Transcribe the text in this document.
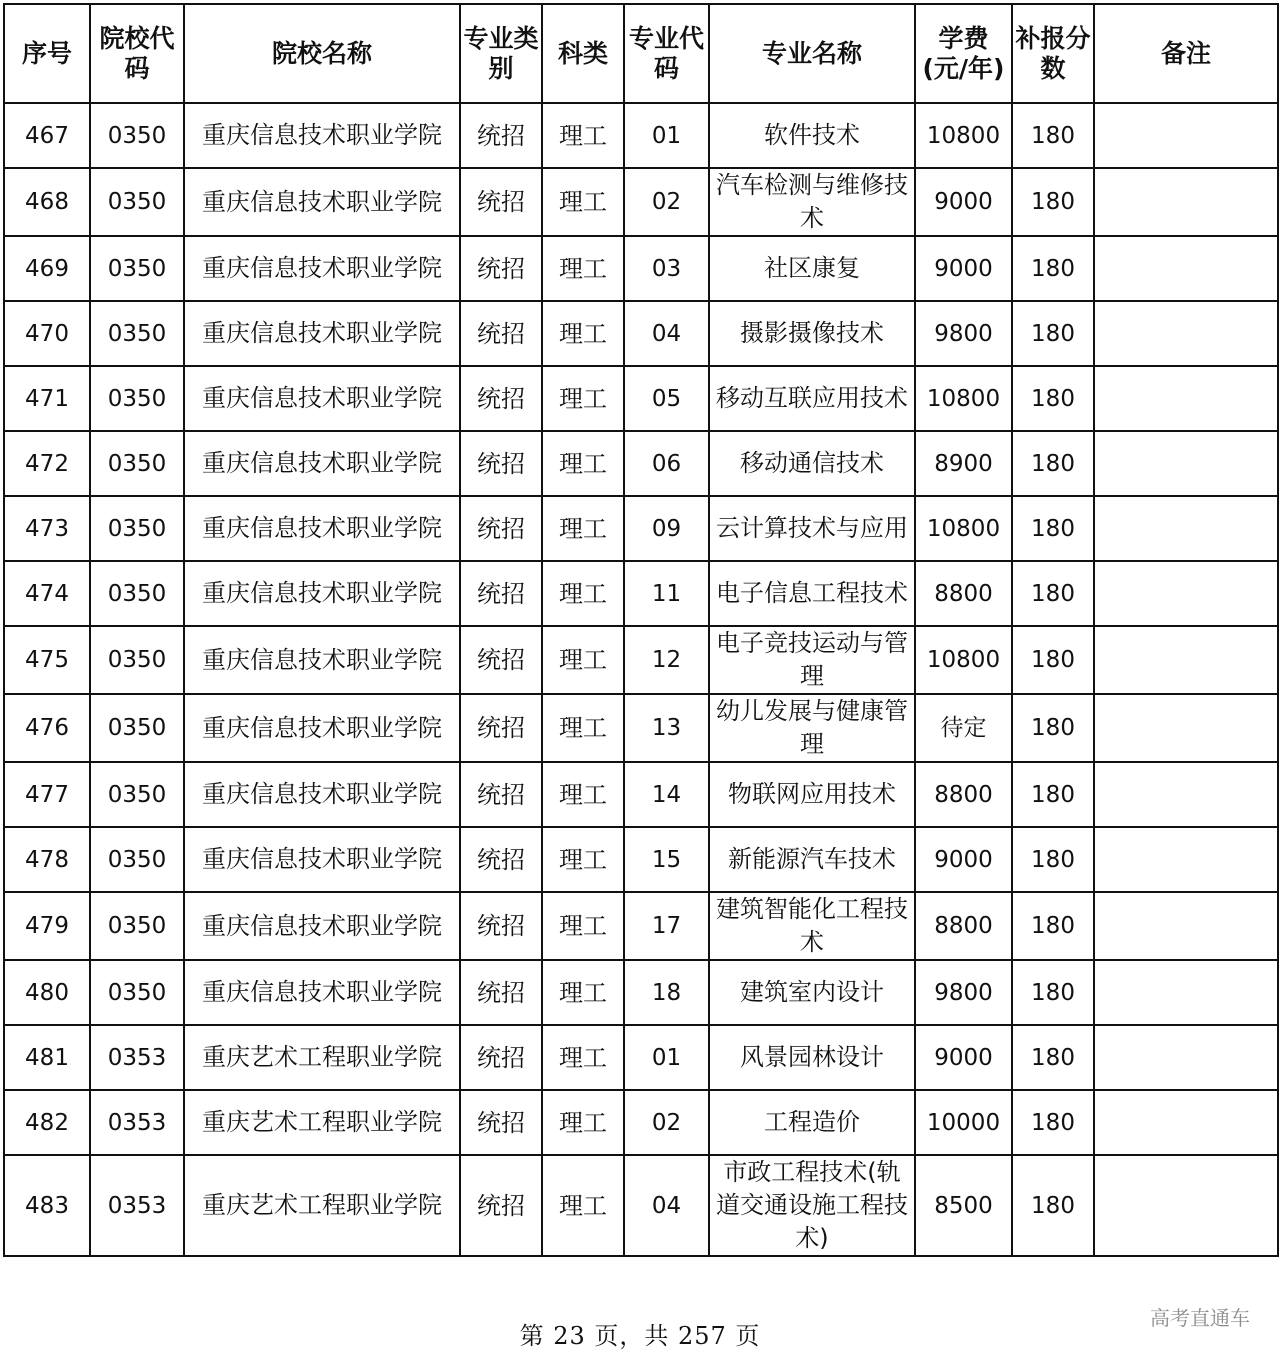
序号	院校代码	院校名称	专业类别	科类	专业代码	专业名称	学费(元/年)	补报分数	备注
467	0350	重庆信息技术职业学院	统招	理工	01	软件技术	10800	180	
468	0350	重庆信息技术职业学院	统招	理工	02	汽车检测与维修技术	9000	180	
469	0350	重庆信息技术职业学院	统招	理工	03	社区康复	9000	180	
470	0350	重庆信息技术职业学院	统招	理工	04	摄影摄像技术	9800	180	
471	0350	重庆信息技术职业学院	统招	理工	05	移动互联应用技术	10800	180	
472	0350	重庆信息技术职业学院	统招	理工	06	移动通信技术	8900	180	
473	0350	重庆信息技术职业学院	统招	理工	09	云计算技术与应用	10800	180	
474	0350	重庆信息技术职业学院	统招	理工	11	电子信息工程技术	8800	180	
475	0350	重庆信息技术职业学院	统招	理工	12	电子竞技运动与管理	10800	180	
476	0350	重庆信息技术职业学院	统招	理工	13	幼儿发展与健康管理	待定	180	
477	0350	重庆信息技术职业学院	统招	理工	14	物联网应用技术	8800	180	
478	0350	重庆信息技术职业学院	统招	理工	15	新能源汽车技术	9000	180	
479	0350	重庆信息技术职业学院	统招	理工	17	建筑智能化工程技术	8800	180	
480	0350	重庆信息技术职业学院	统招	理工	18	建筑室内设计	9800	180	
481	0353	重庆艺术工程职业学院	统招	理工	01	风景园林设计	9000	180	
482	0353	重庆艺术工程职业学院	统招	理工	02	工程造价	10000	180	
483	0353	重庆艺术工程职业学院	统招	理工	04	市政工程技术(轨道交通设施工程技术)	8500	180	
第 23 页，共 257 页
高考直通车
